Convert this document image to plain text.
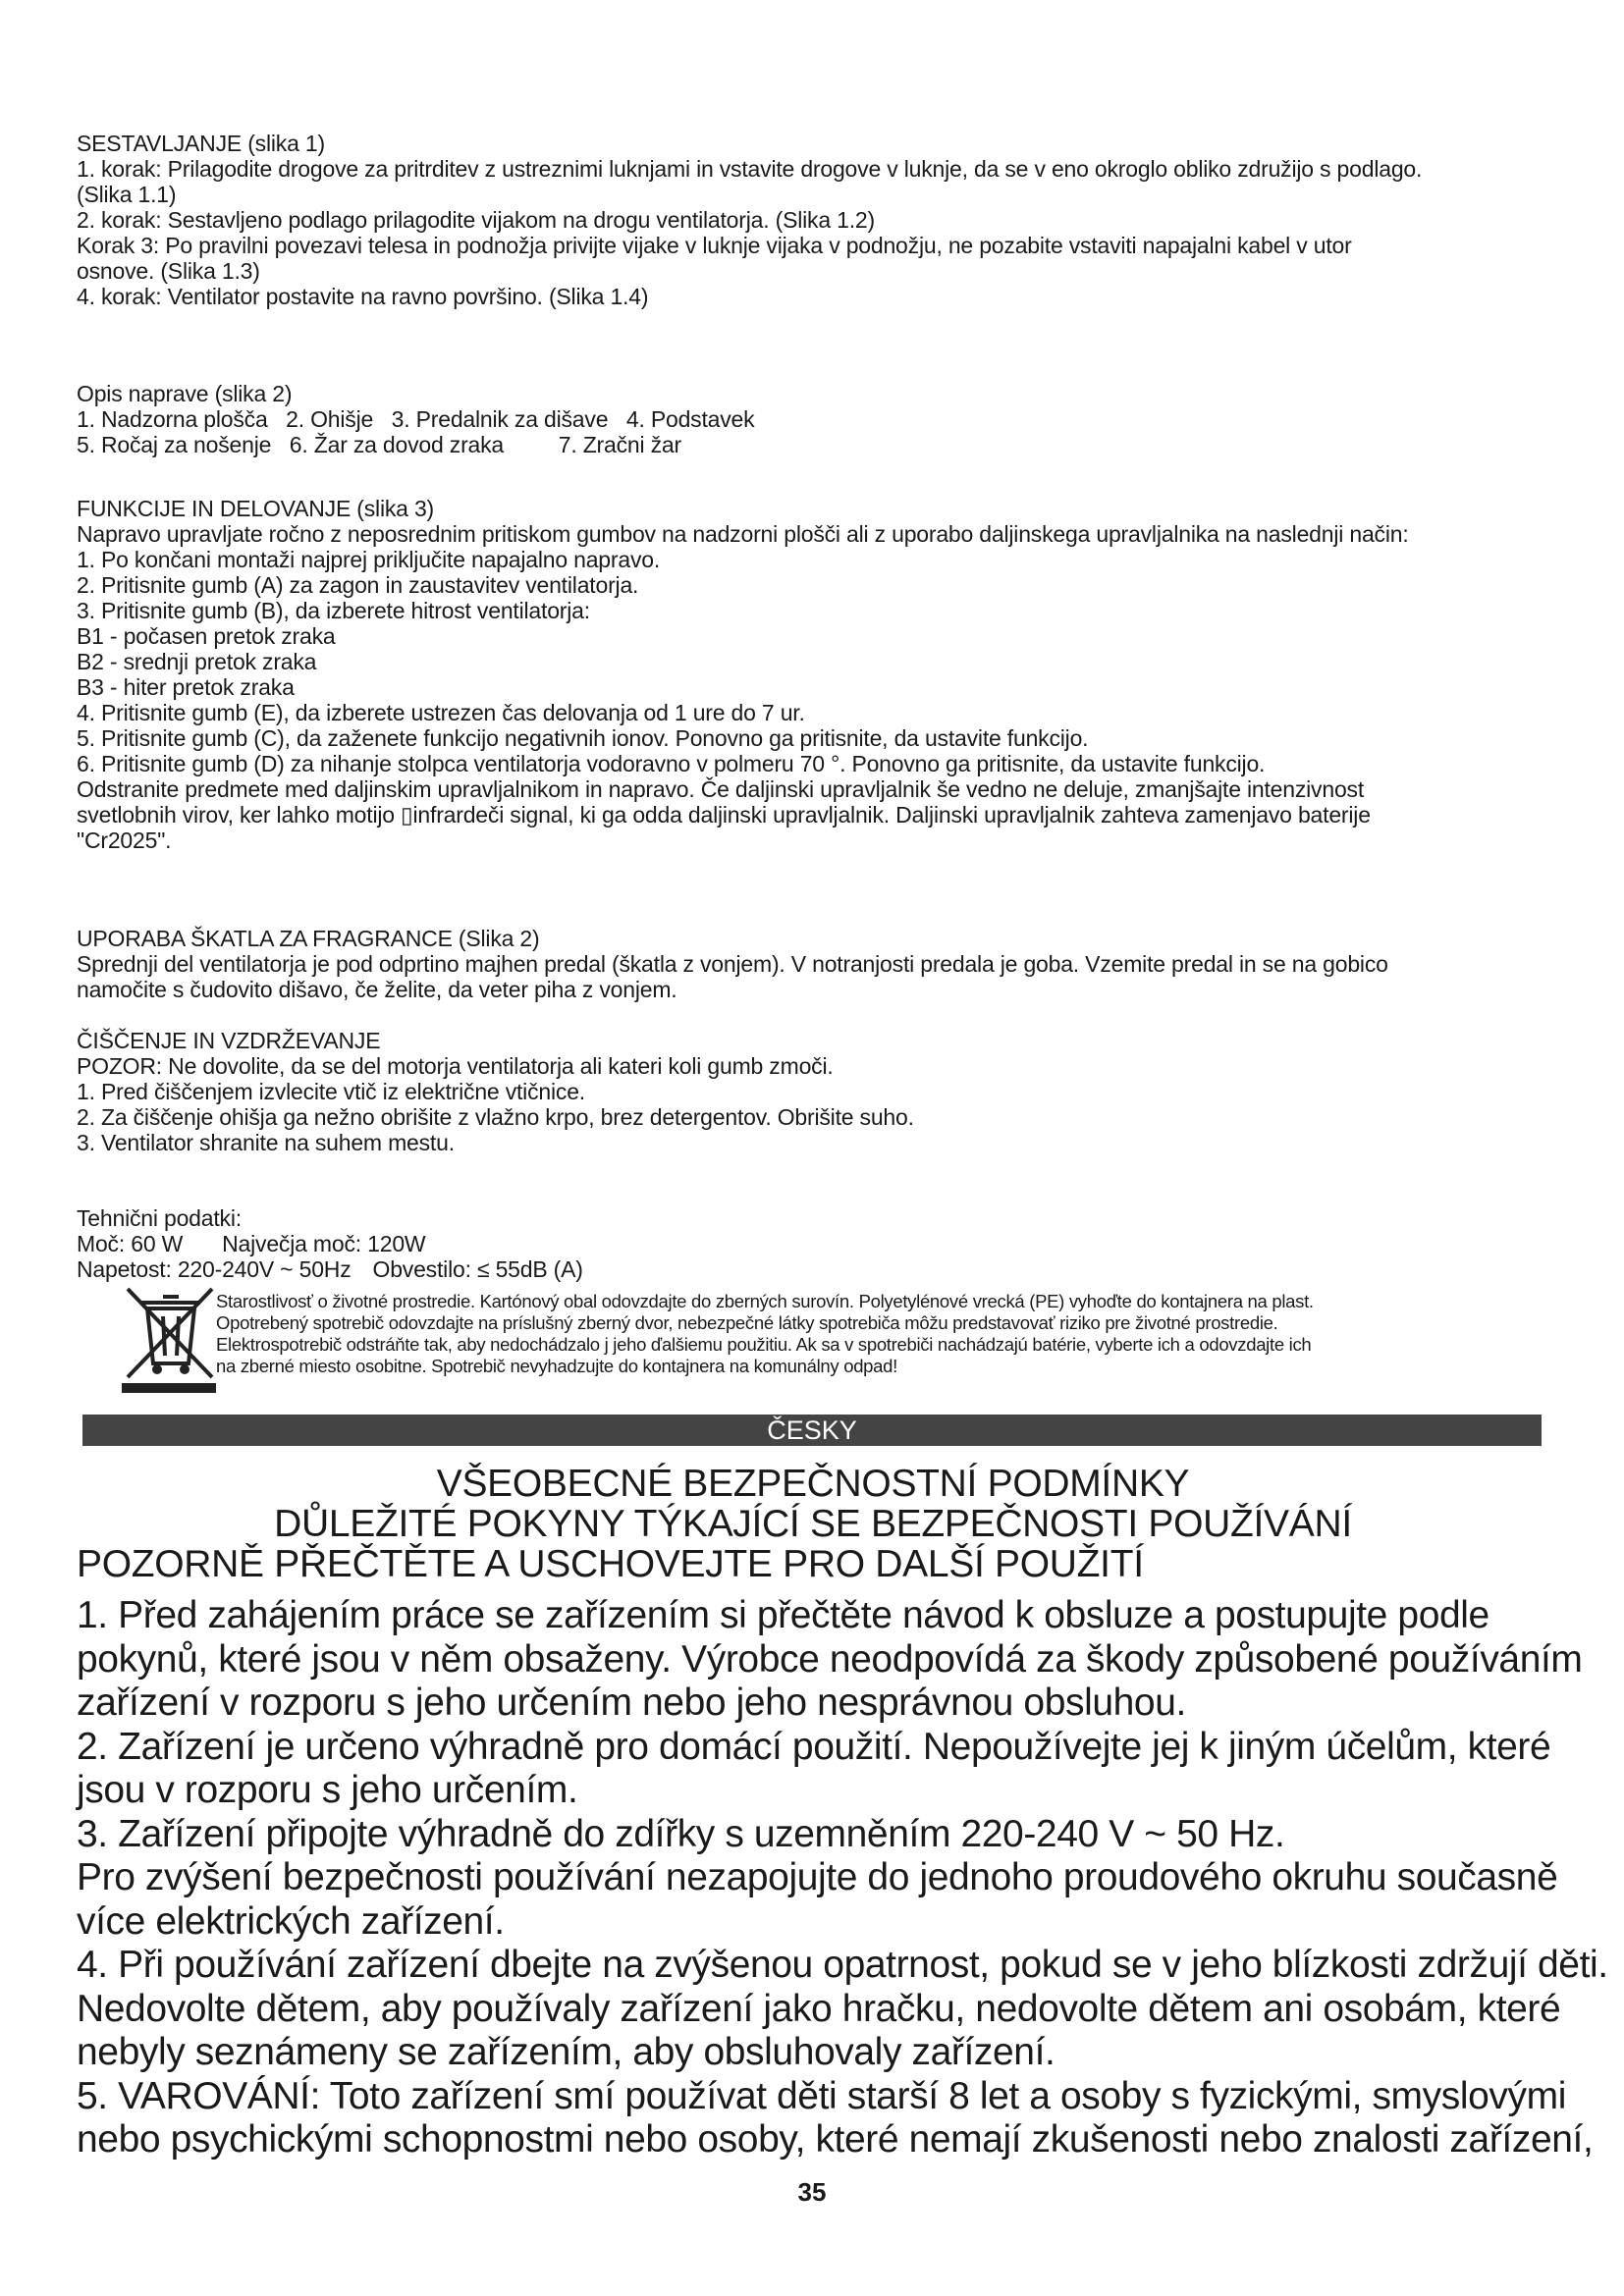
SESTAVLJANJE (slika 1)
1. korak: Prilagodite drogove za pritrditev z ustreznimi luknjami in vstavite drogove v luknje, da se v eno okroglo obliko združijo s podlago.
(Slika 1.1)
2. korak: Sestavljeno podlago prilagodite vijakom na drogu ventilatorja. (Slika 1.2)
Korak 3: Po pravilni povezavi telesa in podnožja privijte vijake v luknje vijaka v podnožju, ne pozabite vstaviti napajalni kabel v utor
osnove. (Slika 1.3)
4. korak: Ventilator postavite na ravno površino. (Slika 1.4)
Opis naprave (slika 2)
1. Nadzorna plošča   2. Ohišje   3. Predalnik za dišave   4. Podstavek
5. Ročaj za nošenje   6. Žar za dovod zraka         7. Zračni žar
FUNKCIJE IN DELOVANJE (slika 3)
Napravo upravljate ročno z neposrednim pritiskom gumbov na nadzorni plošči ali z uporabo daljinskega upravljalnika na naslednji način:
1. Po končani montaži najprej priključite napajalno napravo.
2. Pritisnite gumb (A) za zagon in zaustavitev ventilatorja.
3. Pritisnite gumb (B), da izberete hitrost ventilatorja:
B1 - počasen pretok zraka
B2 - srednji pretok zraka
B3 - hiter pretok zraka
4. Pritisnite gumb (E), da izberete ustrezen čas delovanja od 1 ure do 7 ur.
5. Pritisnite gumb (C), da zaženete funkcijo negativnih ionov. Ponovno ga pritisnite, da ustavite funkcijo.
6. Pritisnite gumb (D) za nihanje stolpca ventilatorja vodoravno v polmeru 70 °. Ponovno ga pritisnite, da ustavite funkcijo.
Odstranite predmete med daljinskim upravljalnikom in napravo. Če daljinski upravljalnik še vedno ne deluje, zmanjšajte intenzivnost
svetlobnih virov, ker lahko motijo ▯infrardeči signal, ki ga odda daljinski upravljalnik. Daljinski upravljalnik zahteva zamenjavo baterije
"Cr2025".
UPORABA ŠKATLA ZA FRAGRANCE (Slika 2)
Sprednji del ventilatorja je pod odprtino majhen predal (škatla z vonjem). V notranjosti predala je goba. Vzemite predal in se na gobico
namočite s čudovito dišavo, če želite, da veter piha z vonjem.
ČIŠČENJE IN VZDRŽEVANJE
POZOR: Ne dovolite, da se del motorja ventilatorja ali kateri koli gumb zmoči.
1. Pred čiščenjem izvlecite vtič iz električne vtičnice.
2. Za čiščenje ohišja ga nežno obrišite z vlažno krpo, brez detergentov. Obrišite suho.
3. Ventilator shranite na suhem mestu.
Tehnični podatki:
Moč: 60 W Največja moč: 120W
Napetost: 220-240V ~ 50Hz Obvestilo: ≤ 55dB (A)
Starostlivosť o životné prostredie. Kartónový obal odovzdajte do zberných surovín. Polyetylénové vrecká (PE) vyhoďte do kontajnera na plast.
Opotrebený spotrebič odovzdajte na príslušný zberný dvor, nebezpečné látky spotrebiča môžu predstavovať riziko pre životné prostredie.
Elektrospotrebič odstráňte tak, aby nedochádzalo j jeho ďalšiemu použitiu. Ak sa v spotrebiči nachádzajú batérie, vyberte ich a odovzdajte ich
na zberné miesto osobitne. Spotrebič nevyhadzujte do kontajnera na komunálny odpad!
ČESKY
VŠEOBECNÉ BEZPEČNOSTNÍ PODMÍNKY
DŮLEŽITÉ POKYNY TÝKAJÍCÍ SE BEZPEČNOSTI POUŽÍVÁNÍ
POZORNĚ PŘEČTĚTE A USCHOVEJTE PRO DALŠÍ POUŽITÍ
1. Před zahájením práce se zařízením si přečtěte návod k obsluze a postupujte podle
pokynů, které jsou v něm obsaženy. Výrobce neodpovídá za škody způsobené používáním
zařízení v rozporu s jeho určením nebo jeho nesprávnou obsluhou.
2. Zařízení je určeno výhradně pro domácí použití. Nepoužívejte jej k jiným účelům, které
jsou v rozporu s jeho určením.
3. Zařízení připojte výhradně do zdířky s uzemněním 220-240 V ~ 50 Hz.
Pro zvýšení bezpečnosti používání nezapojujte do jednoho proudového okruhu současně
více elektrických zařízení.
4. Při používání zařízení dbejte na zvýšenou opatrnost, pokud se v jeho blízkosti zdržují děti.
Nedovolte dětem, aby používaly zařízení jako hračku, nedovolte dětem ani osobám, které
nebyly seznámeny se zařízením, aby obsluhovaly zařízení.
5. VAROVÁNÍ: Toto zařízení smí používat děti starší 8 let a osoby s fyzickými, smyslovými
nebo psychickými schopnostmi nebo osoby, které nemají zkušenosti nebo znalosti zařízení,
35
